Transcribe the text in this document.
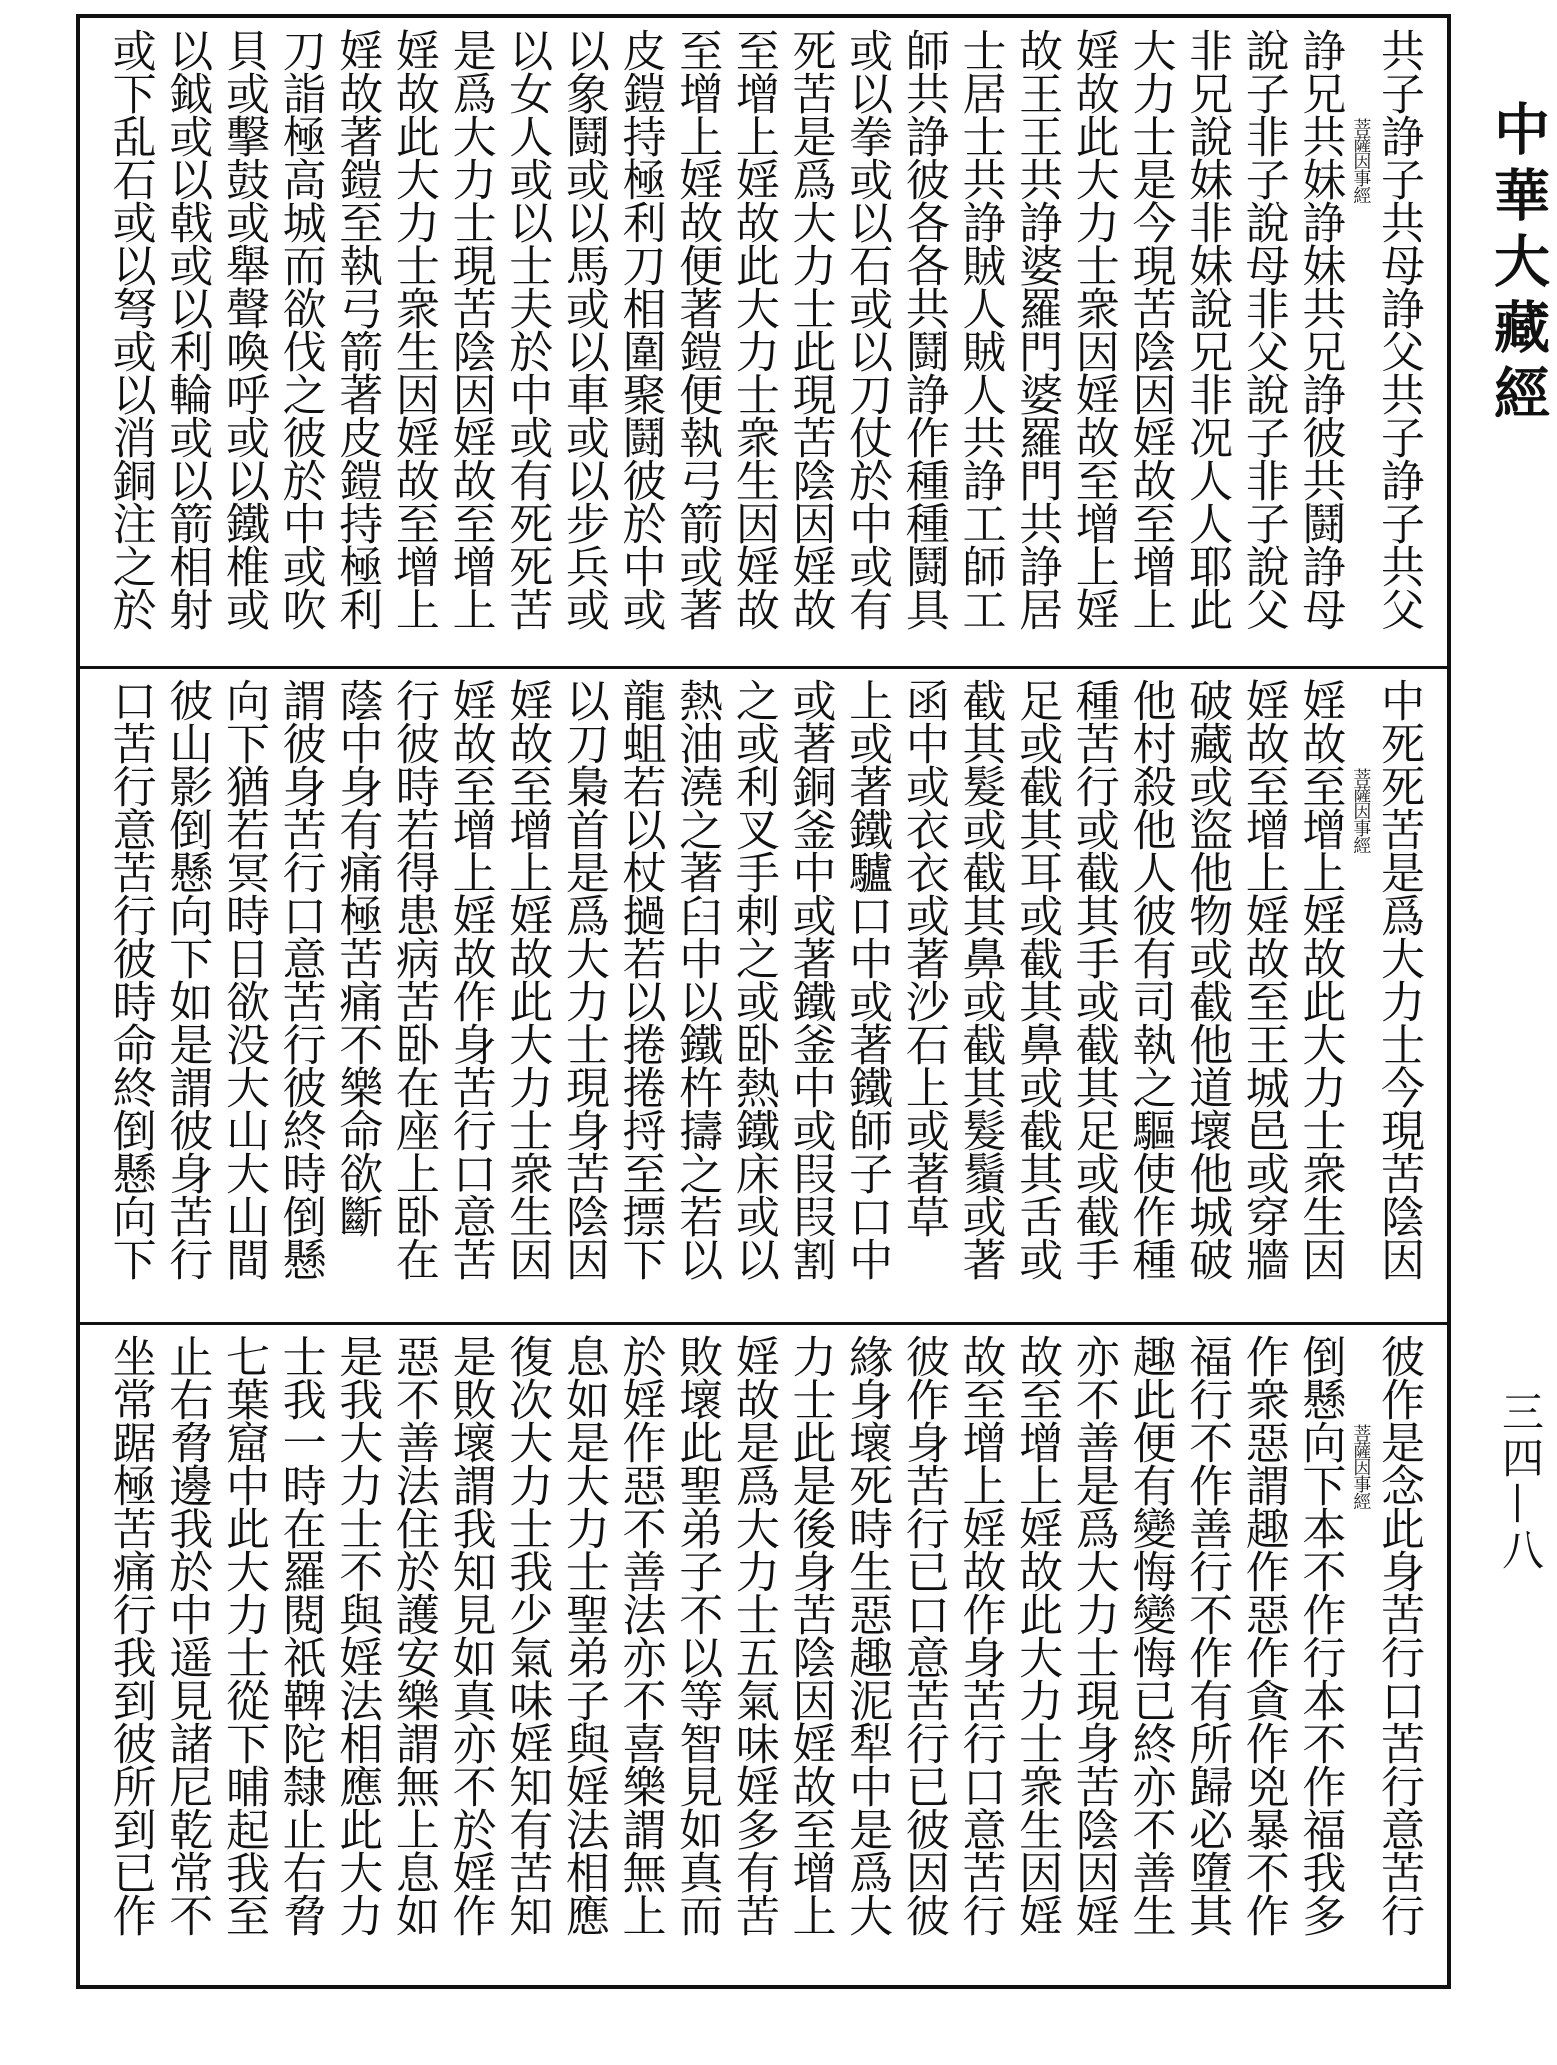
中華大藏經
三四—八
共子諍子共母諍父共子諍子共父
菩薩因事經
諍兄共妹諍妹共兄諍彼共鬪諍母
說子非子說母非父說子非子說父
非兄說妹非妹說兄非况人人耶此
大力士是今現苦陰因婬故至增上
婬故此大力士衆因婬故至增上婬
故王王共諍婆羅門婆羅門共諍居
士居士共諍賊人賊人共諍工師工
師共諍彼各各共鬪諍作種種鬪具
或以拳或以石或以刀仗於中或有
死苦是爲大力士此現苦陰因婬故
至增上婬故此大力士衆生因婬故
至增上婬故便著鎧便執弓箭或著
皮鎧持極利刀相圍聚鬪彼於中或
以象鬪或以馬或以車或以步兵或
以女人或以士夫於中或有死死苦
是爲大力士現苦陰因婬故至增上
婬故此大力士衆生因婬故至增上
婬故著鎧至執弓箭著皮鎧持極利
刀詣極高城而欲伐之彼於中或吹
貝或擊鼓或舉聲喚呼或以鐵椎或
以鉞或以戟或以利輪或以箭相射
或下乱石或以弩或以消銅注之於
中死死苦是爲大力士今現苦陰因
菩薩因事經
婬故至增上婬故此大力士衆生因
婬故至增上婬故至王城邑或穿牆
破藏或盜他物或截他道壞他城破
他村殺他人彼有司執之驅使作種
種苦行或截其手或截其足或截手
足或截其耳或截其鼻或截其舌或
截其髮或截其鼻或截其髮鬚或著
函中或衣衣或著沙石上或著草
上或著鐵驢口中或著鐵師子口中
或著銅釜中或著鐵釜中或叚叚割
之或利叉手剌之或卧熱鐵床或以
熱油澆之著臼中以鐵杵擣之若以
龍蛆若以杖撾若以捲捲捋至摽下
以刀梟首是爲大力士現身苦陰因
婬故至增上婬故此大力士衆生因
婬故至增上婬故作身苦行口意苦
行彼時若得患病苦卧在座上卧在
蔭中身有痛極苦痛不樂命欲斷
謂彼身苦行口意苦行彼終時倒懸
向下猶若冥時日欲没大山大山間
彼山影倒懸向下如是謂彼身苦行
口苦行意苦行彼時命終倒懸向下
彼作是念此身苦行口苦行意苦行
菩薩因事經
倒懸向下本不作行本不作福我多
作衆惡謂趣作惡作貪作兇暴不作
福行不作善行不作有所歸必墮其
趣此便有變悔變悔已終亦不善生
亦不善是爲大力士現身苦陰因婬
故至增上婬故此大力士衆生因婬
故至增上婬故作身苦行口意苦行
彼作身苦行已口意苦行已彼因彼
緣身壞死時生惡趣泥犁中是爲大
力士此是後身苦陰因婬故至增上
婬故是爲大力士五氣味婬多有苦
敗壞此聖弟子不以等智見如真而
於婬作惡不善法亦不喜樂謂無上
息如是大力士聖弟子與婬法相應
復次大力士我少氣味婬知有苦知
是敗壞謂我知見如真亦不於婬作
惡不善法住於護安樂謂無上息如
是我大力士不與婬法相應此大力
士我一時在羅閱祇鞞陀隸止右脅
七葉窟中此大力士從下晡起我至
止右脅邊我於中遥見諸尼乾常不
坐常踞極苦痛行我到彼所到已作
